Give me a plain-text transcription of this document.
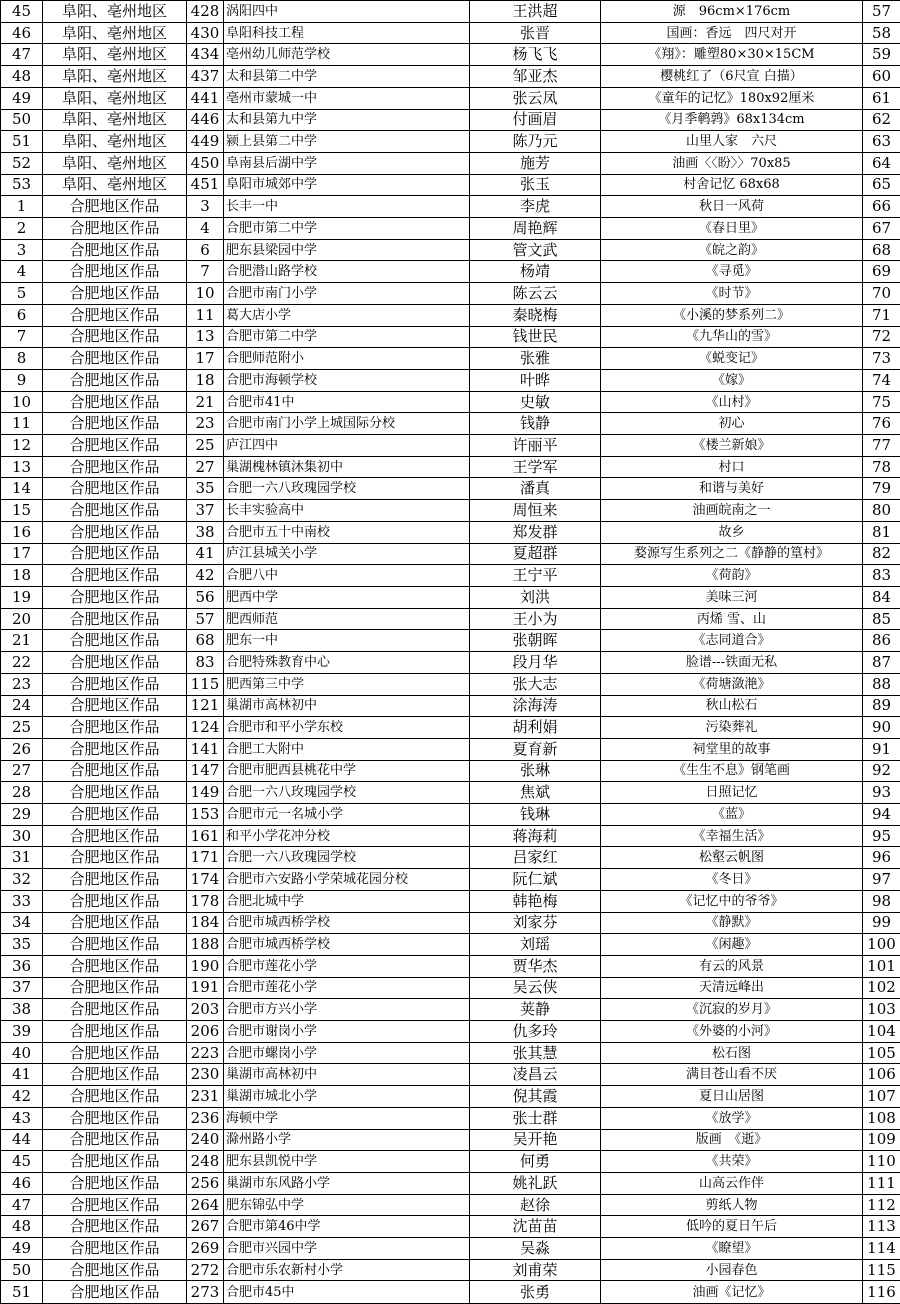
45	阜阳、亳州地区	428	涡阳四中	王洪超	源　96cm×176cm	57
46	阜阳、亳州地区	430	阜阳科技工程	张晋	国画：香远　四尺对开	58
47	阜阳、亳州地区	434	亳州幼儿师范学校	杨飞飞	《翔》：雕塑80×30×15CM	59
48	阜阳、亳州地区	437	太和县第二中学	邹亚杰	樱桃红了（6尺宣 白描）	60
49	阜阳、亳州地区	441	亳州市蒙城一中	张云凤	《童年的记忆》180x92厘米	61
50	阜阳、亳州地区	446	太和县第九中学	付画眉	《月季鹌鹑》68x134cm	62
51	阜阳、亳州地区	449	颍上县第二中学	陈乃元	山里人家　六尺	63
52	阜阳、亳州地区	450	阜南县后湖中学	施芳	油画〈〈盼〉〉70x85	64
53	阜阳、亳州地区	451	阜阳市城郊中学	张玉	村舍记忆 68x68	65
1	合肥地区作品	3	长丰一中	李虎	秋日一风荷	66
2	合肥地区作品	4	合肥市第二中学	周艳辉	《春日里》	67
3	合肥地区作品	6	肥东县梁园中学	管文武	《皖之韵》	68
4	合肥地区作品	7	合肥潜山路学校	杨靖	《寻觅》	69
5	合肥地区作品	10	合肥市南门小学	陈云云	《时节》	70
6	合肥地区作品	11	葛大店小学	秦晓梅	《小溪的梦系列二》	71
7	合肥地区作品	13	合肥市第二中学	钱世民	《九华山的雪》	72
8	合肥地区作品	17	合肥师范附小	张雅	《蜕变记》	73
9	合肥地区作品	18	合肥市海顿学校	叶晔	《嫁》	74
10	合肥地区作品	21	合肥市41中	史敏	《山村》	75
11	合肥地区作品	23	合肥市南门小学上城国际分校	钱静	初心	76
12	合肥地区作品	25	庐江四中	许丽平	《楼兰新娘》	77
13	合肥地区作品	27	巢湖槐林镇沐集初中	王学军	村口	78
14	合肥地区作品	35	合肥一六八玫瑰园学校	潘真	和谐与美好	79
15	合肥地区作品	37	长丰实验高中	周恒来	油画皖南之一	80
16	合肥地区作品	38	合肥市五十中南校	郑发群	故乡	81
17	合肥地区作品	41	庐江县城关小学	夏超群	婺源写生系列之二《静静的篁村》	82
18	合肥地区作品	42	合肥八中	王宁平	《荷韵》	83
19	合肥地区作品	56	肥西中学	刘洪	美味三河	84
20	合肥地区作品	57	肥西师范	王小为	丙烯 雪、山	85
21	合肥地区作品	68	肥东一中	张朝晖	《志同道合》	86
22	合肥地区作品	83	合肥特殊教育中心	段月华	脸谱---铁面无私	87
23	合肥地区作品	115	肥西第三中学	张大志	《荷塘潋滟》	88
24	合肥地区作品	121	巢湖市高林初中	涂海涛	秋山松石	89
25	合肥地区作品	124	合肥市和平小学东校	胡利娟	污染葬礼	90
26	合肥地区作品	141	合肥工大附中	夏育新	祠堂里的故事	91
27	合肥地区作品	147	合肥市肥西县桃花中学	张琳	《生生不息》钢笔画	92
28	合肥地区作品	149	合肥一六八玫瑰园学校	焦斌	日照记忆	93
29	合肥地区作品	153	合肥市元一名城小学	钱琳	《蓝》	94
30	合肥地区作品	161	和平小学花冲分校	蒋海莉	《幸福生活》	95
31	合肥地区作品	171	合肥一六八玫瑰园学校	吕家红	松壑云帆图	96
32	合肥地区作品	174	合肥市六安路小学荣城花园分校	阮仁斌	《冬日》	97
33	合肥地区作品	178	合肥北城中学	韩艳梅	《记忆中的爷爷》	98
34	合肥地区作品	184	合肥市城西桥学校	刘家芬	《静默》	99
35	合肥地区作品	188	合肥市城西桥学校	刘瑶	《闲趣》	100
36	合肥地区作品	190	合肥市莲花小学	贾华杰	有云的风景	101
37	合肥地区作品	191	合肥市莲花小学	吴云侠	天清远峰出	102
38	合肥地区作品	203	合肥市方兴小学	荚静	《沉寂的岁月》	103
39	合肥地区作品	206	合肥市谢岗小学	仇多玲	《外婆的小河》	104
40	合肥地区作品	223	合肥市螺岗小学	张其慧	松石图	105
41	合肥地区作品	230	巢湖市高林初中	凌昌云	满目苍山看不厌	106
42	合肥地区作品	231	巢湖市城北小学	倪其霞	夏日山居图	107
43	合肥地区作品	236	海顿中学	张士群	《放学》	108
44	合肥地区作品	240	滁州路小学	吴开艳	版画　《逝》	109
45	合肥地区作品	248	肥东县凯悦中学	何勇	《共荣》	110
46	合肥地区作品	256	巢湖市东风路小学	姚礼跃	山高云作伴	111
47	合肥地区作品	264	肥东锦弘中学	赵徐	剪纸人物	112
48	合肥地区作品	267	合肥市第46中学	沈苗苗	低吟的夏日午后	113
49	合肥地区作品	269	合肥市兴园中学	吴淼	《瞭望》	114
50	合肥地区作品	272	合肥市乐农新村小学	刘甫荣	小园春色	115
51	合肥地区作品	273	合肥市45中	张勇	油画《记忆》	116
